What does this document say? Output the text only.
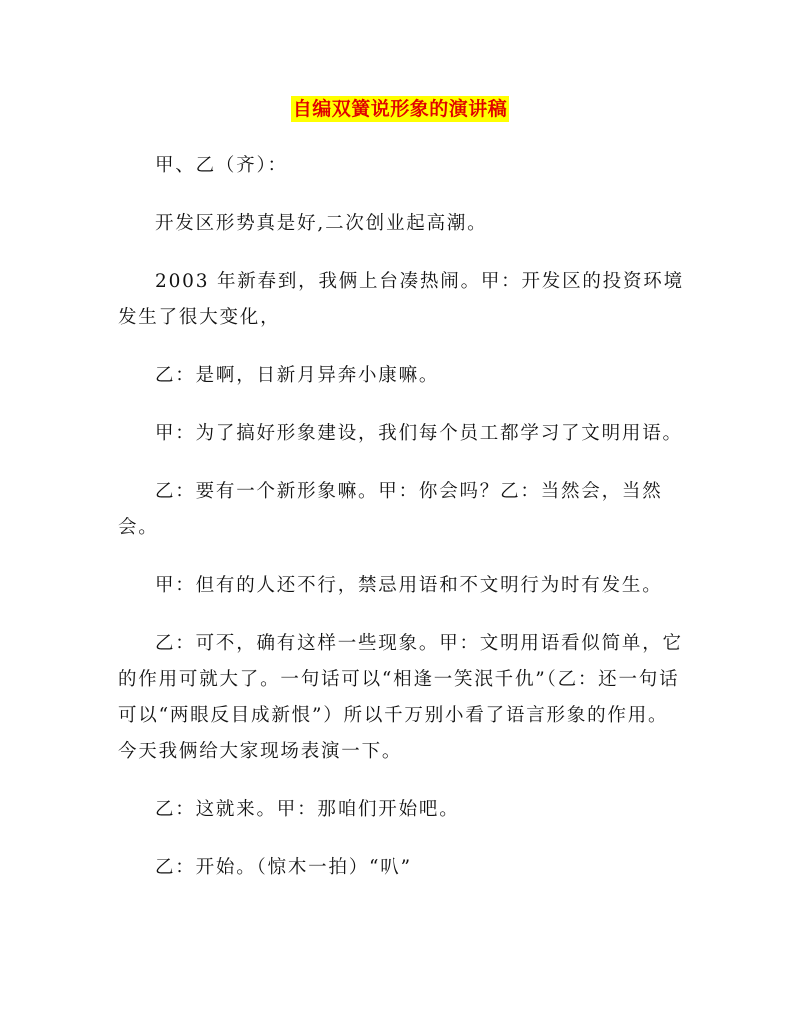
自编双簧说形象的演讲稿

甲、乙（齐）：

开发区形势真是好,二次创业起高潮。

2003 年新春到，我俩上台凑热闹。甲：开发区的投资环境发生了很大变化，

乙：是啊，日新月异奔小康嘛。

甲：为了搞好形象建设，我们每个员工都学习了文明用语。

乙：要有一个新形象嘛。甲：你会吗？乙：当然会，当然会。

甲：但有的人还不行，禁忌用语和不文明行为时有发生。

乙：可不，确有这样一些现象。甲：文明用语看似简单，它的作用可就大了。一句话可以“相逢一笑泯千仇”（乙：还一句话可以“两眼反目成新恨”）所以千万别小看了语言形象的作用。今天我俩给大家现场表演一下。

乙：这就来。甲：那咱们开始吧。

乙：开始。（惊木一拍）“叭”
